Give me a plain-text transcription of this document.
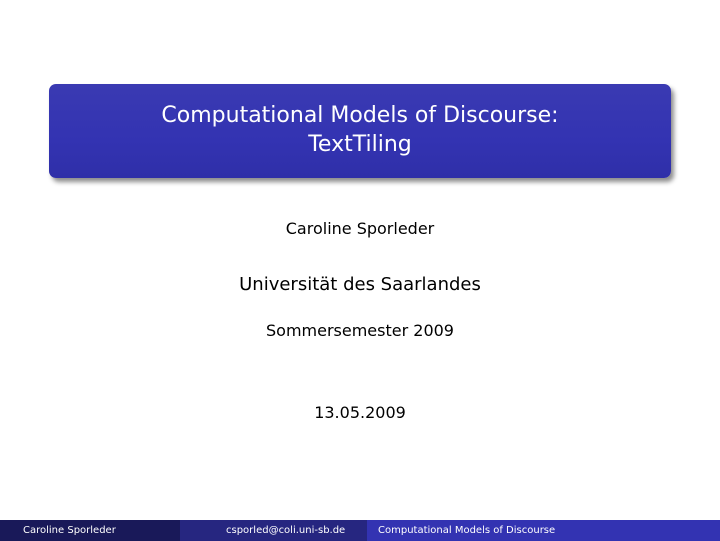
Computational Models of Discourse:
TextTiling
Caroline Sporleder
Universität des Saarlandes
Sommersemester 2009
13.05.2009
Caroline Sporleder	csporled@coli.uni-sb.de	Computational Models of Discourse
